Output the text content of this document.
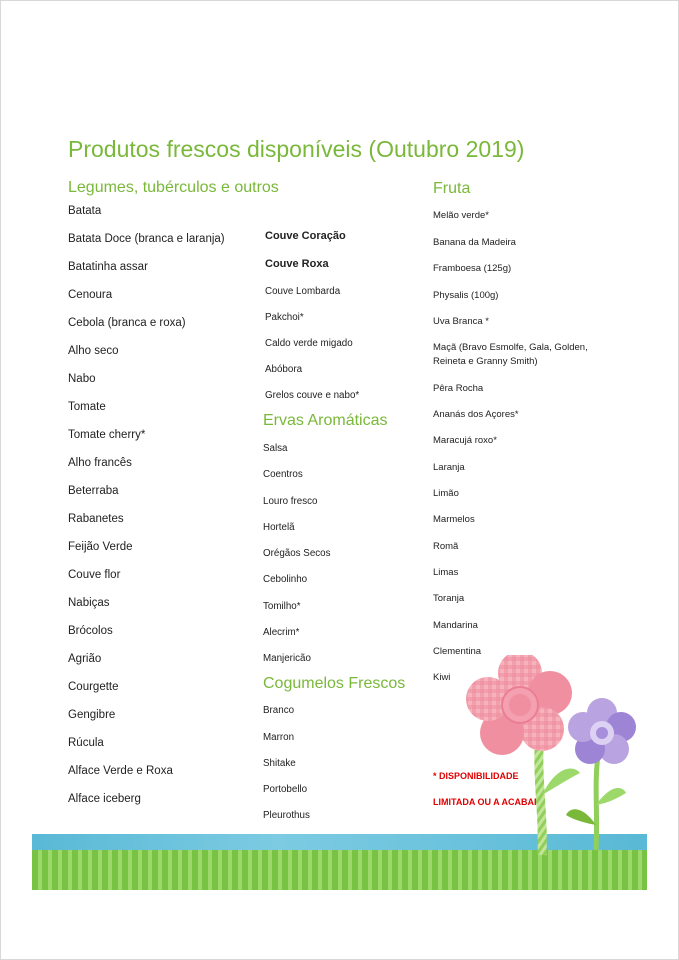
Produtos frescos disponíveis (Outubro 2019)
Legumes, tubérculos e outros
Batata
Batata Doce (branca e laranja)
Batatinha assar
Cenoura
Cebola (branca e roxa)
Alho seco
Nabo
Tomate
Tomate cherry*
Alho francês
Beterraba
Rabanetes
Feijão Verde
Couve flor
Nabiças
Brócolos
Agrião
Courgette
Gengibre
Rúcula
Alface Verde e Roxa
Alface iceberg
Couve Coração
Couve Roxa
Couve Lombarda
Pakchoi*
Caldo verde migado
Abóbora
Grelos couve e nabo*
Ervas Aromáticas
Salsa
Coentros
Louro fresco
Hortelã
Orégãos Secos
Cebolinho
Tomilho*
Alecrim*
Manjericão
Cogumelos Frescos
Branco
Marron
Shitake
Portobello
Pleurothus
Fruta
Melão verde*
Banana da Madeira
Framboesa (125g)
Physalis (100g)
Uva Branca *
Maçã (Bravo Esmolfe, Gala, Golden,
Reineta e Granny Smith)
Pêra Rocha
Ananás dos Açores*
Maracujá roxo*
Laranja
Limão
Marmelos
Romã
Limas
Toranja
Mandarina
Clementina
Kiwi
* DISPONIBILIDADE
LIMITADA OU A ACABAR
